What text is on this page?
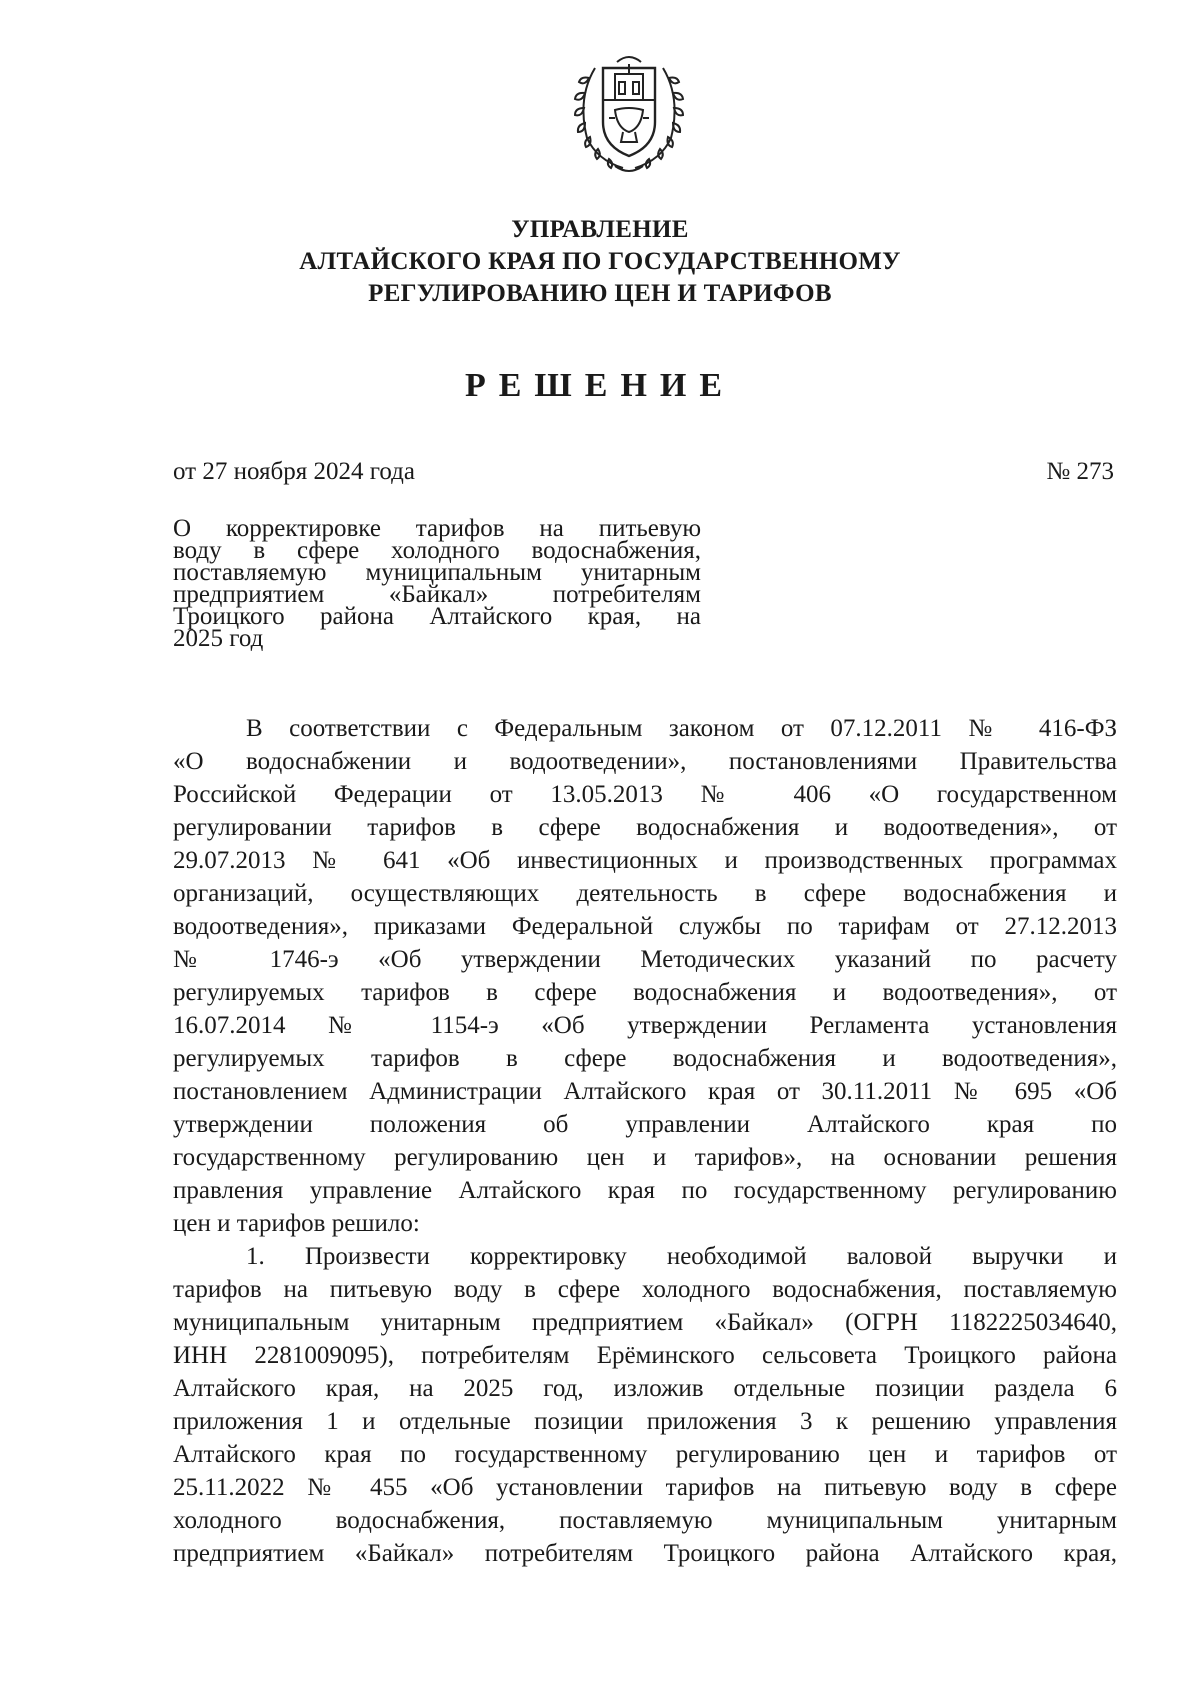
УПРАВЛЕНИЕ
АЛТАЙСКОГО КРАЯ ПО ГОСУДАРСТВЕННОМУ
РЕГУЛИРОВАНИЮ ЦЕН И ТАРИФОВ
РЕШЕНИЕ
от 27 ноября 2024 года	№ 273
О корректировке тарифов на питьевую
воду в сфере холодного водоснабжения,
поставляемую муниципальным унитарным
предприятием «Байкал» потребителям
Троицкого района Алтайского края, на
2025 год
В соответствии с Федеральным законом от 07.12.2011 № 416-ФЗ
«О водоснабжении и водоотведении», постановлениями Правительства
Российской Федерации от 13.05.2013 № 406 «О государственном
регулировании тарифов в сфере водоснабжения и водоотведения», от
29.07.2013 № 641 «Об инвестиционных и производственных программах
организаций, осуществляющих деятельность в сфере водоснабжения и
водоотведения», приказами Федеральной службы по тарифам от 27.12.2013
№ 1746-э «Об утверждении Методических указаний по расчету
регулируемых тарифов в сфере водоснабжения и водоотведения», от
16.07.2014 № 1154-э «Об утверждении Регламента установления
регулируемых тарифов в сфере водоснабжения и водоотведения»,
постановлением Администрации Алтайского края от 30.11.2011 № 695 «Об
утверждении положения об управлении Алтайского края по
государственному регулированию цен и тарифов», на основании решения
правления управление Алтайского края по государственному регулированию
цен и тарифов решило:
1. Произвести корректировку необходимой валовой выручки и
тарифов на питьевую воду в сфере холодного водоснабжения, поставляемую
муниципальным унитарным предприятием «Байкал» (ОГРН 1182225034640,
ИНН 2281009095), потребителям Ерёминского сельсовета Троицкого района
Алтайского края, на 2025 год, изложив отдельные позиции раздела 6
приложения 1 и отдельные позиции приложения 3 к решению управления
Алтайского края по государственному регулированию цен и тарифов от
25.11.2022 № 455 «Об установлении тарифов на питьевую воду в сфере
холодного водоснабжения, поставляемую муниципальным унитарным
предприятием «Байкал» потребителям Троицкого района Алтайского края,
